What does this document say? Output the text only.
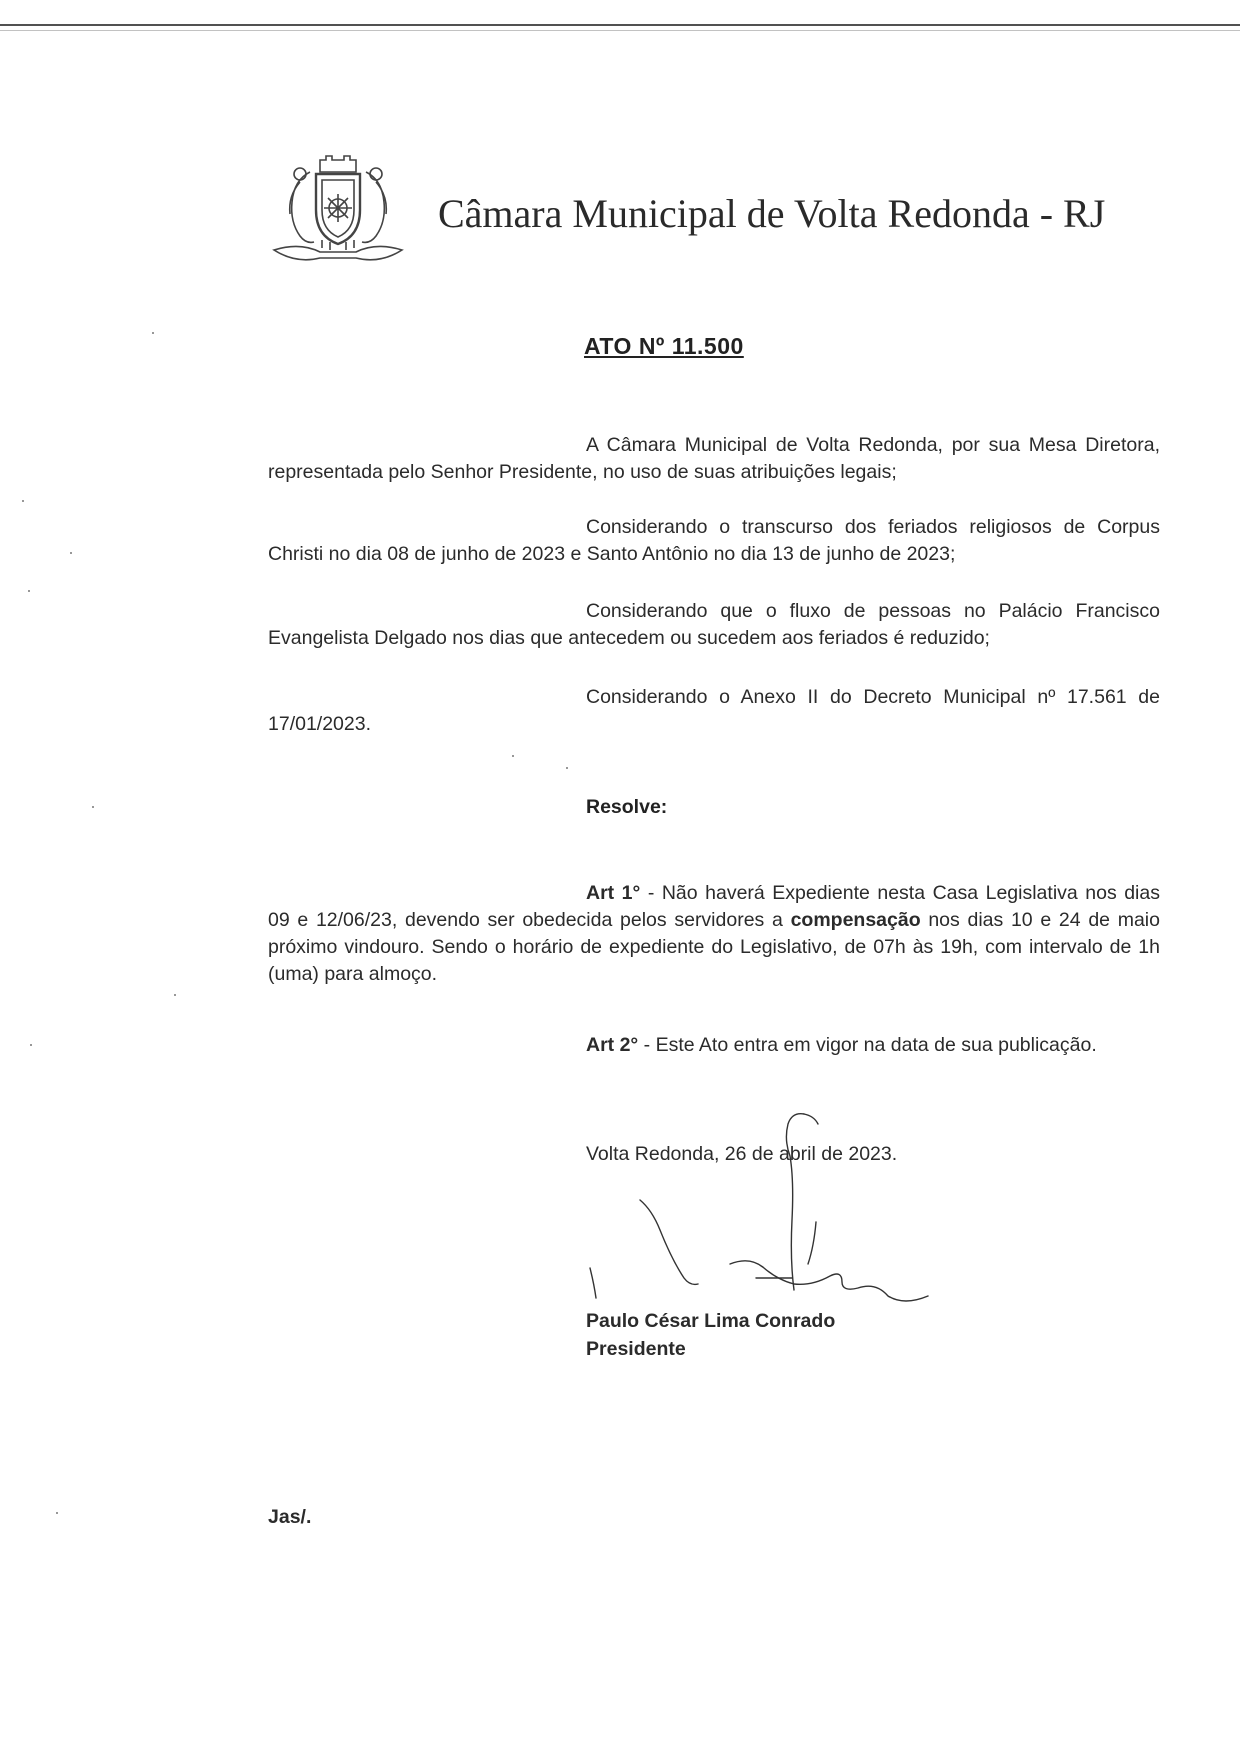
Câmara Municipal de Volta Redonda - RJ
ATO Nº 11.500
A Câmara Municipal de Volta Redonda, por sua Mesa Diretora, representada pelo Senhor Presidente, no uso de suas atribuições legais;
Considerando o transcurso dos feriados religiosos de Corpus Christi no dia 08 de junho de 2023 e Santo Antônio no dia 13 de junho de 2023;
Considerando que o fluxo de pessoas no Palácio Francisco Evangelista Delgado nos dias que antecedem ou sucedem aos feriados é reduzido;
Considerando o Anexo II do Decreto Municipal nº 17.561 de 17/01/2023.
Resolve:
Art 1° - Não haverá Expediente nesta Casa Legislativa nos dias 09 e 12/06/23, devendo ser obedecida pelos servidores a compensação nos dias 10 e 24 de maio próximo vindouro. Sendo o horário de expediente do Legislativo, de 07h às 19h, com intervalo de 1h (uma) para almoço.
Art 2° - Este Ato entra em vigor na data de sua publicação.
Volta Redonda, 26 de abril de 2023.
Paulo César Lima Conrado
Presidente
Jas/.
